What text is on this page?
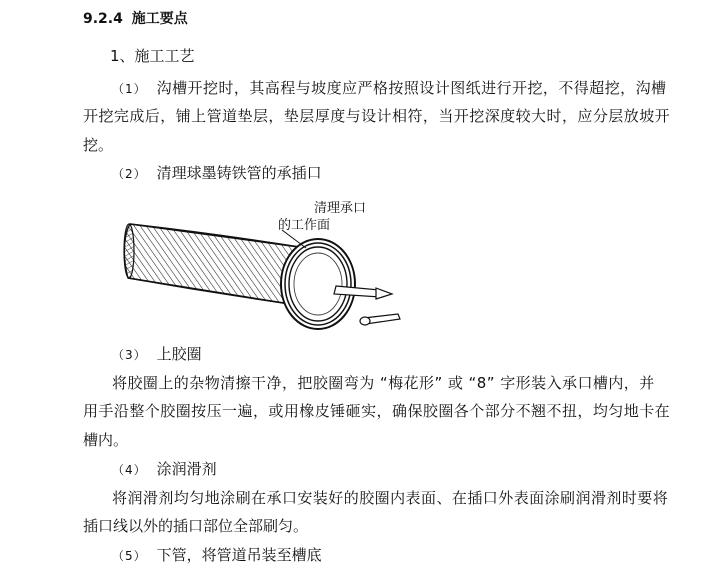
9.2.4 施工要点
1、施工工艺
（1） 沟槽开挖时，其高程与坡度应严格按照设计图纸进行开挖，不得超挖，沟槽
开挖完成后，铺上管道垫层，垫层厚度与设计相符，当开挖深度较大时，应分层放坡开
挖。
（2） 清理球墨铸铁管的承插口
清理承口
的工作面
（3） 上胶圈
将胶圈上的杂物清擦干净，把胶圈弯为 “梅花形” 或 “8” 字形装入承口槽内，并
用手沿整个胶圈按压一遍，或用橡皮锤砸实，确保胶圈各个部分不翘不扭，均匀地卡在
槽内。
（4） 涂润滑剂
将润滑剂均匀地涂刷在承口安装好的胶圈内表面、在插口外表面涂刷润滑剂时要将
插口线以外的插口部位全部刷匀。
（5） 下管，将管道吊装至槽底
